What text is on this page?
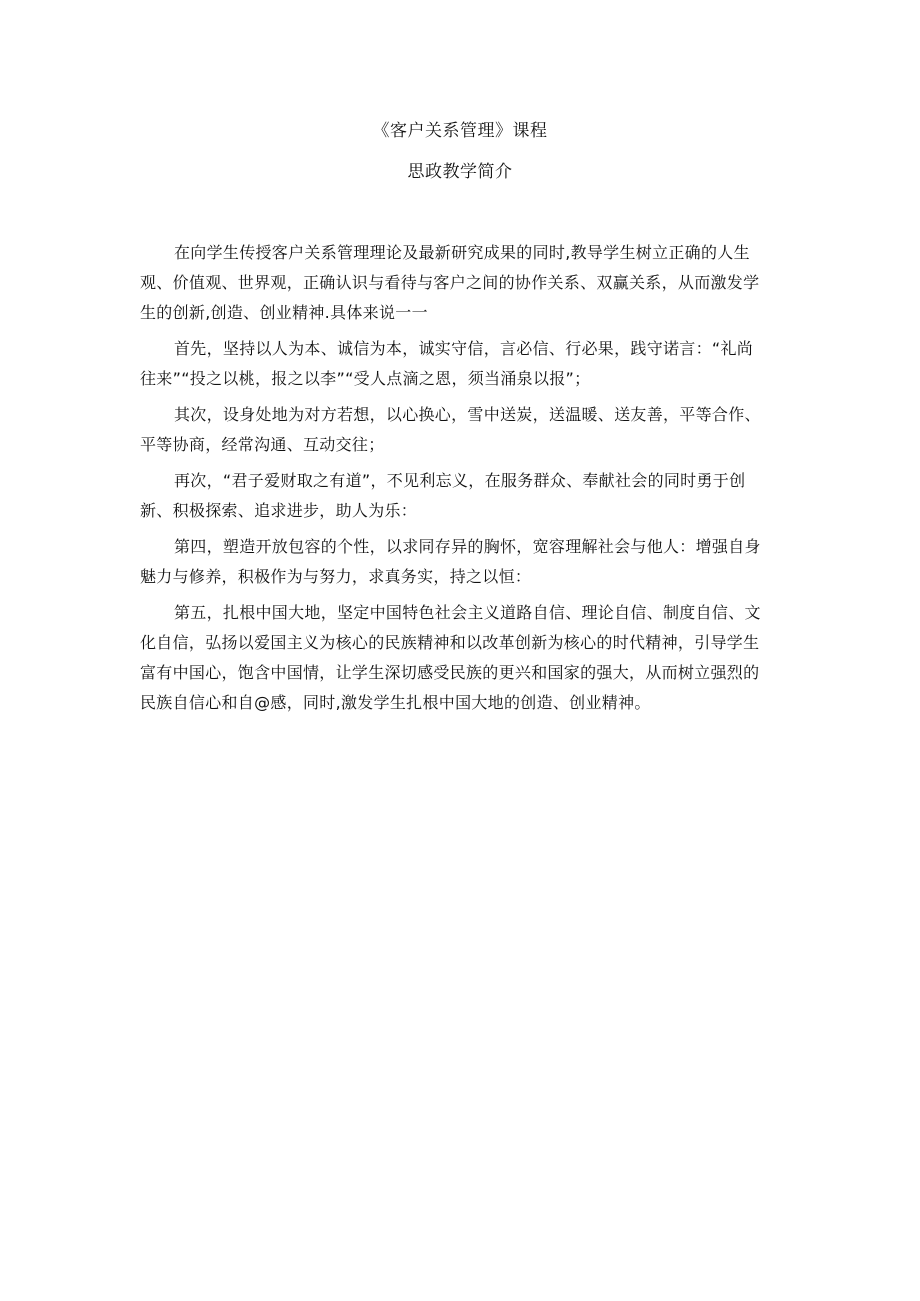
《客户关系管理》课程
思政教学简介

在向学生传授客户关系管理理论及最新研究成果的同时,教导学生树立正确的人生
观、价值观、世界观，正确认识与看待与客户之间的协作关系、双赢关系，从而激发学
生的创新,创造、创业精神.具体来说一一

首先，坚持以人为本、诚信为本，诚实守信，言必信、行必果，践守诺言：“礼尚
往来”“投之以桃，报之以李”“受人点滴之恩，须当涌泉以报”；

其次，设身处地为对方若想，以心换心，雪中送炭，送温暖、送友善，平等合作、
平等协商，经常沟通、互动交往；

再次，“君子爱财取之有道”，不见利忘义，在服务群众、奉献社会的同时勇于创
新、积极探索、追求进步，助人为乐：

第四，塑造开放包容的个性，以求同存异的胸怀，宽容理解社会与他人：增强自身
魅力与修养，积极作为与努力，求真务实，持之以恒：

第五，扎根中国大地，坚定中国特色社会主义道路自信、理论自信、制度自信、文
化自信，弘扬以爱国主义为核心的民族精神和以改革创新为核心的时代精神，引导学生
富有中国心，饱含中国情，让学生深切感受民族的更兴和国家的强大，从而树立强烈的
民族自信心和自@感，同时,激发学生扎根中国大地的创造、创业精神。
